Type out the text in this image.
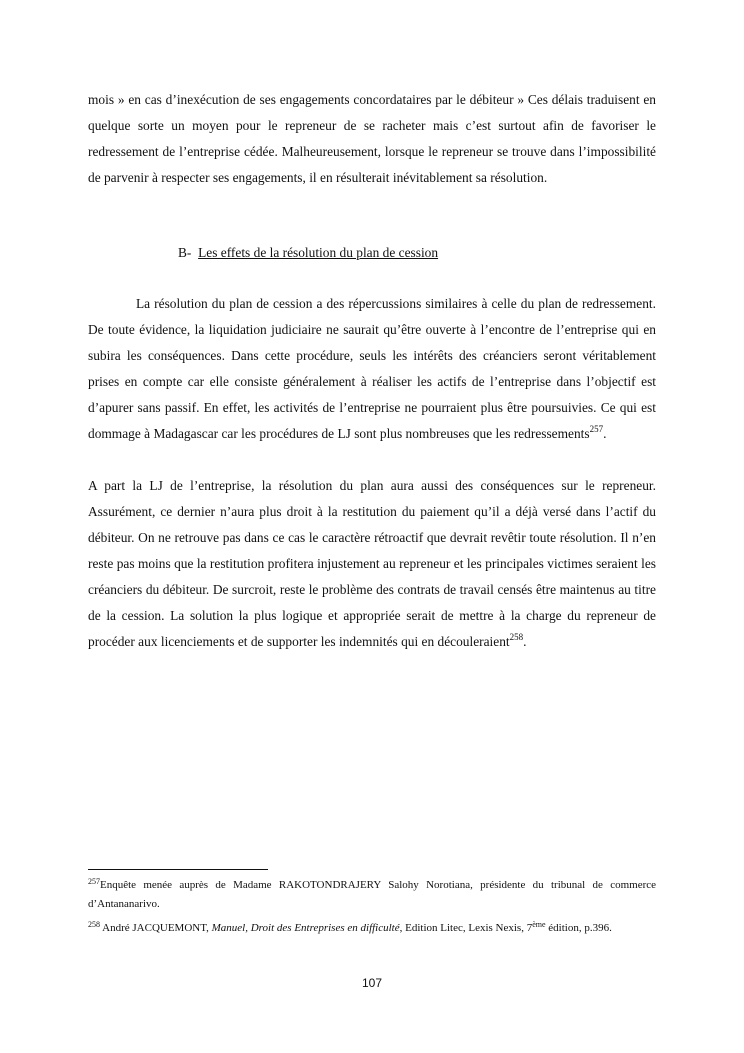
mois » en cas d’inexécution de ses engagements concordataires par le débiteur » Ces délais traduisent en quelque sorte un moyen pour le repreneur de se racheter mais c’est surtout afin de favoriser le redressement de l’entreprise cédée. Malheureusement, lorsque le repreneur se trouve dans l’impossibilité de parvenir à respecter ses engagements, il en résulterait inévitablement sa résolution.
B- Les effets de la résolution du plan de cession
La résolution du plan de cession a des répercussions similaires à celle du plan de redressement. De toute évidence, la liquidation judiciaire ne saurait qu’être ouverte à l’encontre de l’entreprise qui en subira les conséquences. Dans cette procédure, seuls les intérêts des créanciers seront véritablement prises en compte car elle consiste généralement à réaliser les actifs de l’entreprise dans l’objectif est d’apurer sans passif. En effet, les activités de l’entreprise ne pourraient plus être poursuivies. Ce qui est dommage à Madagascar car les procédures de LJ sont plus nombreuses que les redressements$^{257}$.
A part la LJ de l’entreprise, la résolution du plan aura aussi des conséquences sur le repreneur. Assurément, ce dernier n’aura plus droit à la restitution du paiement qu’il a déjà versé dans l’actif du débiteur. On ne retrouve pas dans ce cas le caractère rétroactif que devrait revêtir toute résolution. Il n’en reste pas moins que la restitution profitera injustement au repreneur et les principales victimes seraient les créanciers du débiteur. De surcroit, reste le problème des contrats de travail censés être maintenus au titre de la cession. La solution la plus logique et appropriée serait de mettre à la charge du repreneur de procéder aux licenciements et de supporter les indemnités qui en découleraient$^{258}$.
$^{257}$Enquête menée auprès de Madame RAKOTONDRAJERY Salohy Norotiana, présidente du tribunal de commerce d’Antananarivo.
$^{258}$ André JACQUEMONT, Manuel, Droit des Entreprises en difficulté, Edition Litec, Lexis Nexis, 7ème édition, p.396.
107
